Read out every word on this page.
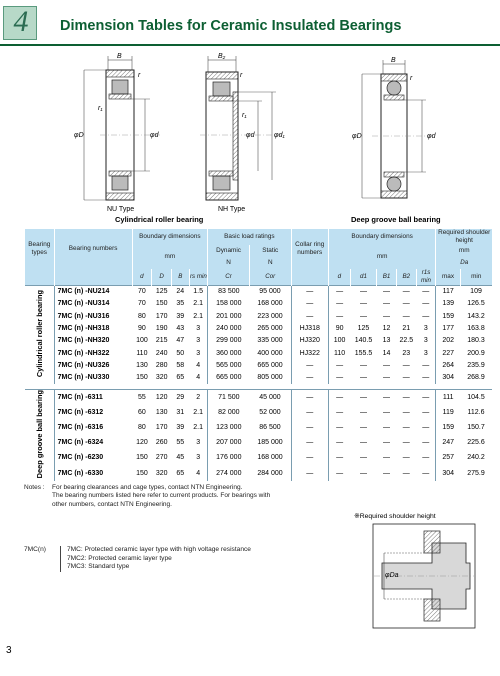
4	Dimension Tables for Ceramic Insulated Bearings
B
r
r₁
φD	φd
NU Type	NH Type
B₂
r
r₁
φd	φd₁
Cylindrical roller bearing
B
r
φD	φd
Deep groove ball bearing
Bearing types	Bearing numbers	Boundary dimensions				Basic load ratings		Collar ring numbers	Boundary dimensions					Required shoulder height	
		mm				Dynamic	Static		mm					mm	
						N	N							Da	
		d	D	B	rs min	Cr	Cor		d	d1	B1	B2	r1s min	max	min
Cylindrical roller bearing	7MC (n) -NU214	70	125	24	1.5	83 500	95 000	—	—	—	—	—	—	117	109
	7MC (n) -NU314	70	150	35	2.1	158 000	168 000	—	—	—	—	—	—	139	126.5
	7MC (n) -NU316	80	170	39	2.1	201 000	223 000	—	—	—	—	—	—	159	143.2
	7MC (n) -NH318	90	190	43	3	240 000	265 000	HJ318	90	125	12	21	3	177	163.8
	7MC (n) -NH320	100	215	47	3	299 000	335 000	HJ320	100	140.5	13	22.5	3	202	180.3
	7MC (n) -NH322	110	240	50	3	360 000	400 000	HJ322	110	155.5	14	23	3	227	200.9
	7MC (n) -NU326	130	280	58	4	565 000	665 000	—	—	—	—	—	—	264	235.9
	7MC (n) -NU330	150	320	65	4	665 000	805 000	—	—	—	—	—	—	304	268.9

Deep groove ball bearing	7MC (n) -6311	55	120	29	2	71 500	45 000	—	—	—	—	—	—	111	104.5
	7MC (n) -6312	60	130	31	2.1	82 000	52 000	—	—	—	—	—	—	119	112.6
	7MC (n) -6316	80	170	39	2.1	123 000	86 500	—	—	—	—	—	—	159	150.7
	7MC (n) -6324	120	260	55	3	207 000	185 000	—	—	—	—	—	—	247	225.6
	7MC (n) -6230	150	270	45	3	176 000	168 000	—	—	—	—	—	—	257	240.2
	7MC (n) -6330	150	320	65	4	274 000	284 000	—	—	—	—	—	—	304	275.9
Notes : For bearing clearances and cage types, contact NTN Engineering.
The bearing numbers listed here refer to current products. For bearings with
other numbers, contact NTN Engineering.
7MC(n)	7MC: Protected ceramic layer type with high voltage resistance
7MC2: Protected ceramic layer type
7MC3: Standard type
※Required shoulder height
φDa
3
